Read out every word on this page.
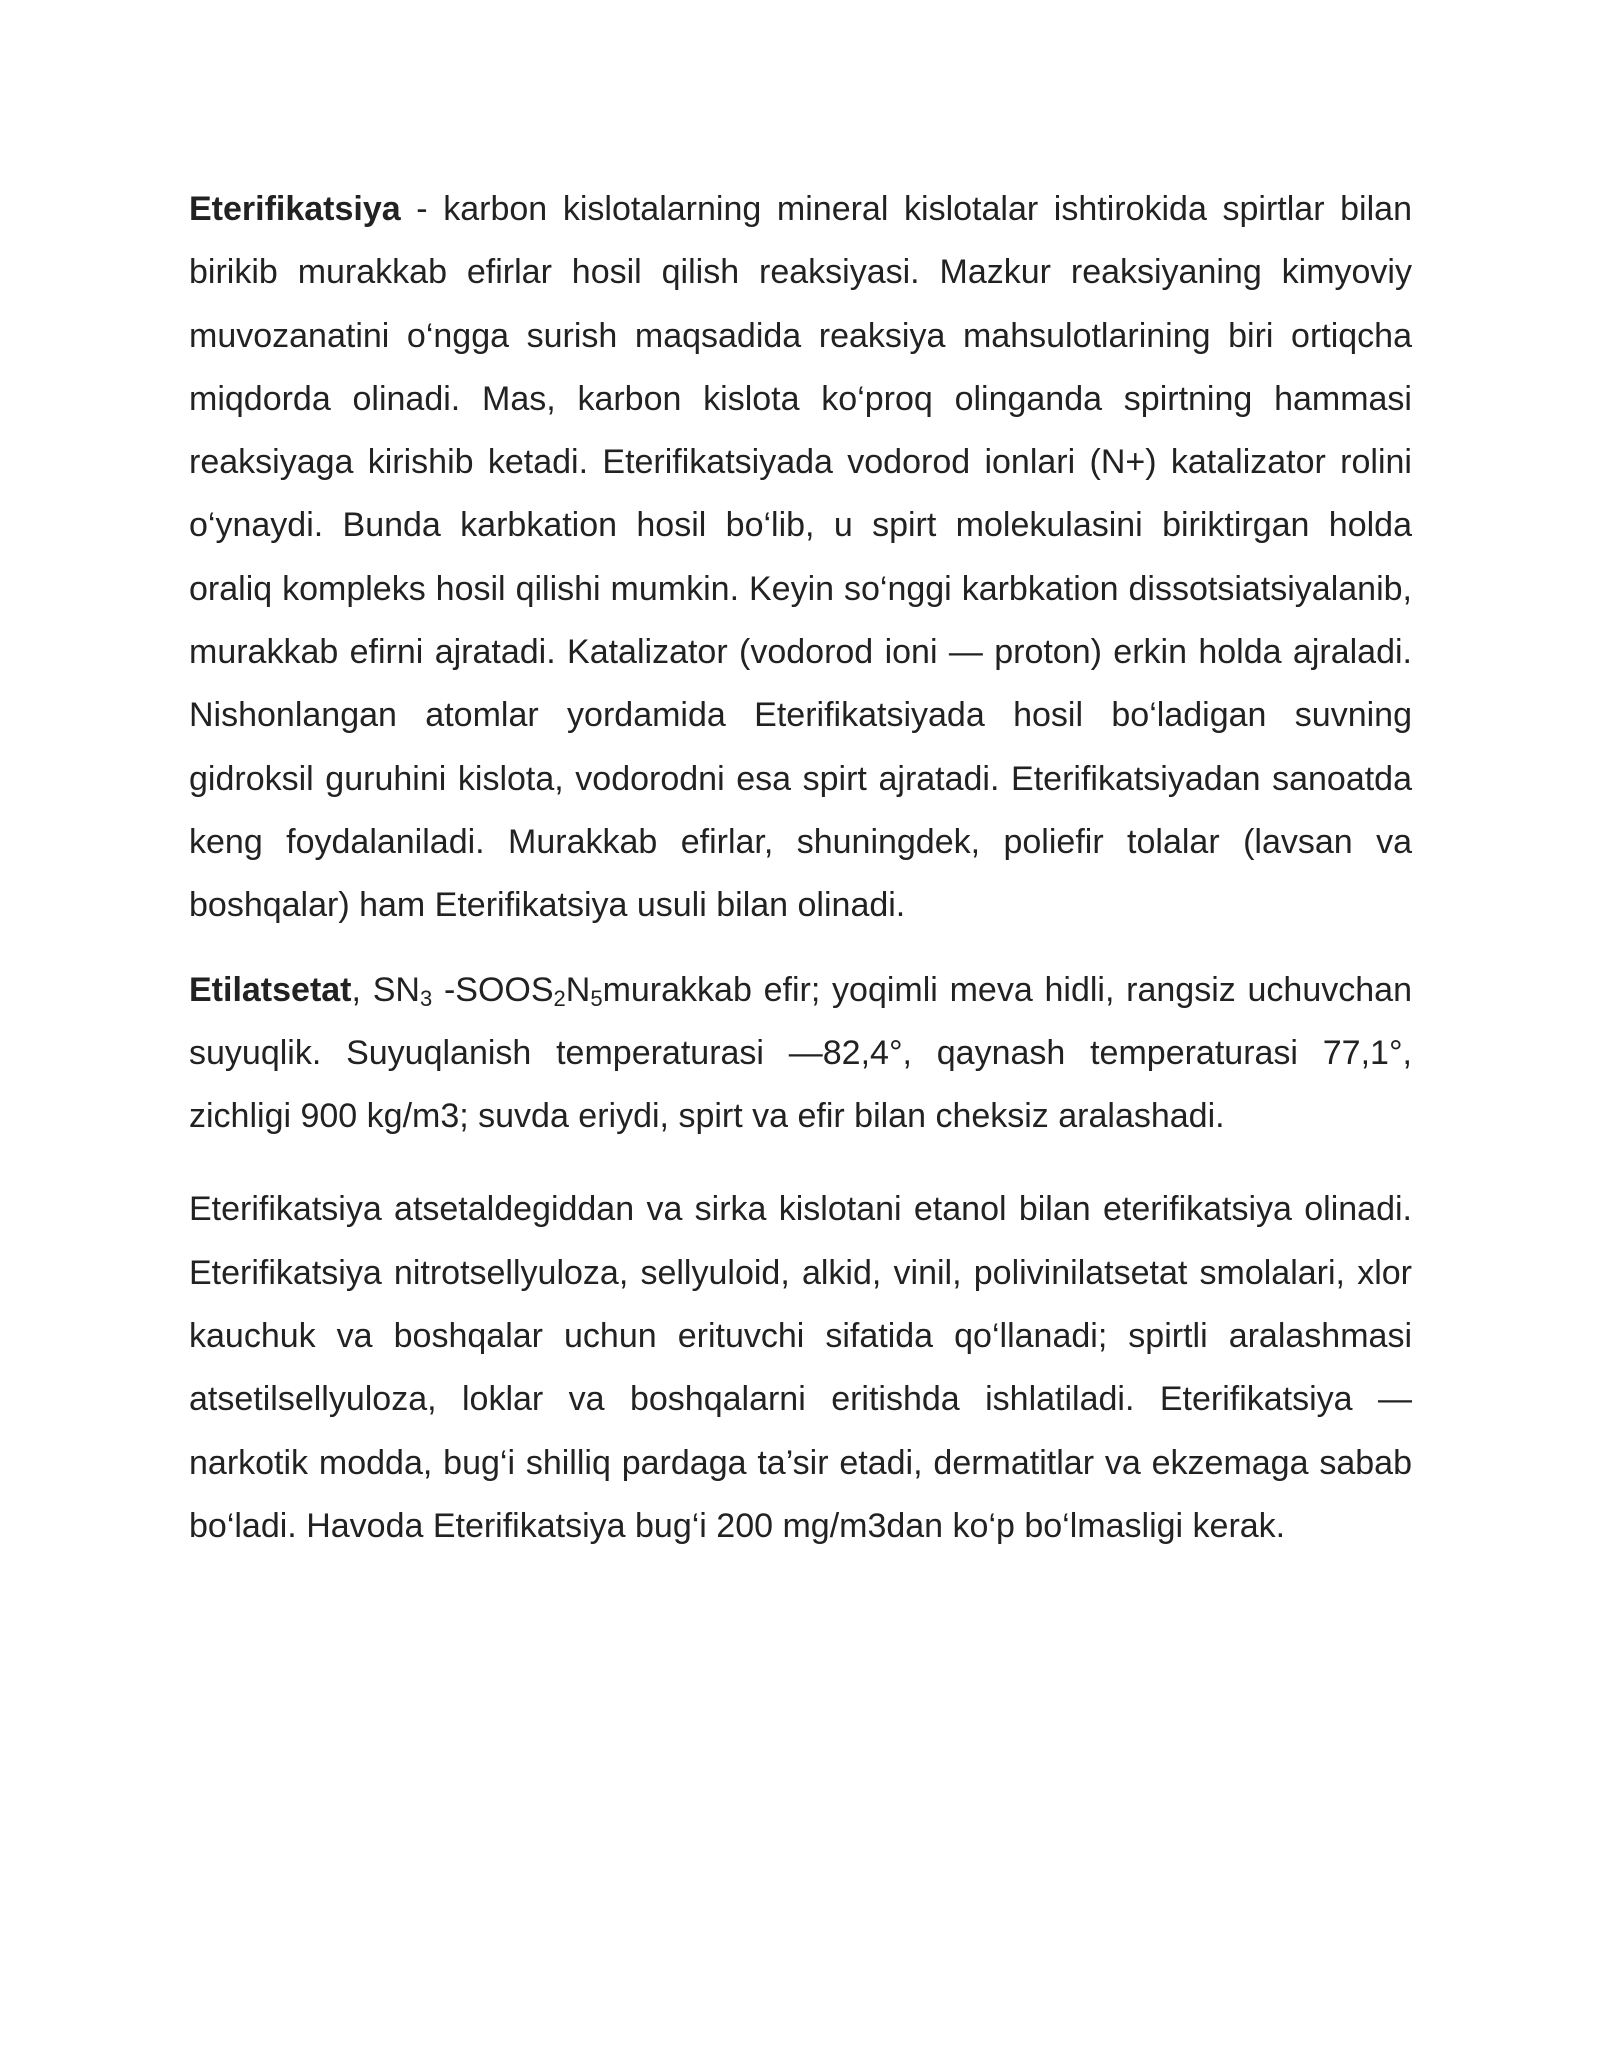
Eterifikatsiya - karbon kislotalarning mineral kislotalar ishtirokida spirtlar bilan birikib murakkab efirlar hosil qilish reaksiyasi. Mazkur reaksiyaning kimyoviy muvozanatini o‘ngga surish maqsadida reaksiya mahsulotlarining biri ortiqcha miqdorda olinadi. Mas, karbon kislota ko‘proq olinganda spirtning hammasi reaksiyaga kirishib ketadi. Eterifikatsiyada vodorod ionlari (N+) katalizator rolini o‘ynaydi. Bunda karbkation hosil bo‘lib, u spirt molekulasini biriktirgan holda oraliq kompleks hosil qilishi mumkin. Keyin so‘nggi karbkation dissotsiatsiyalanib, murakkab efirni ajratadi. Katalizator (vodorod ioni — proton) erkin holda ajraladi. Nishonlangan atomlar yordamida Eterifikatsiyada hosil bo‘ladigan suvning gidroksil guruhini kislota, vodorodni esa spirt ajratadi. Eterifikatsiyadan sanoatda keng foydalaniladi. Murakkab efirlar, shuningdek, poliefir tolalar (lavsan va boshqalar) ham Eterifikatsiya usuli bilan olinadi.

Etilatsetat, $SN_3$ $-SOOS_2N_5murakkab$ efir; yoqimli meva hidli, rangsiz uchuvchan suyuqlik. Suyuqlanish temperaturasi —82,4°, qaynash temperaturasi 77,1°, zichligi 900 kg/m3; suvda eriydi, spirt va efir bilan cheksiz aralashadi.

Eterifikatsiya atsetaldegiddan va sirka kislotani etanol bilan eterifikatsiya olinadi. Eterifikatsiya nitrotsellyuloza, sellyuloid, alkid, vinil, polivinilatsetat smolalari, xlor kauchuk va boshqalar uchun erituvchi sifatida qo‘llanadi; spirtli aralashmasi atsetilsellyuloza, loklar va boshqalarni eritishda ishlatiladi. Eterifikatsiya — narkotik modda, bug‘i shilliq pardaga ta’sir etadi, dermatitlar va ekzemaga sabab bo‘ladi. Havoda Eterifikatsiya bug‘i 200 mg/m3dan ko‘p bo‘lmasligi kerak.
